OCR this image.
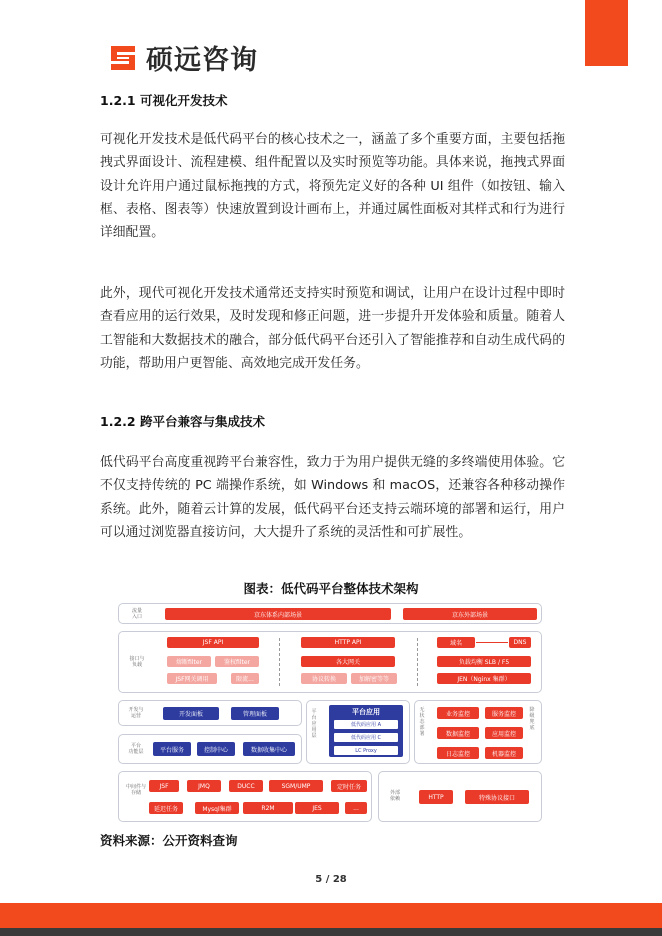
硕远咨询
1.2.1 可视化开发技术

可视化开发技术是低代码平台的核心技术之一，涵盖了多个重要方面，主要包括拖拽式界面设计、流程建模、组件配置以及实时预览等功能。具体来说，拖拽式界面设计允许用户通过鼠标拖拽的方式，将预先定义好的各种 UI 组件（如按钮、输入框、表格、图表等）快速放置到设计画布上，并通过属性面板对其样式和行为进行详细配置。

此外，现代可视化开发技术通常还支持实时预览和调试，让用户在设计过程中即时查看应用的运行效果，及时发现和修正问题，进一步提升开发体验和质量。随着人工智能和大数据技术的融合，部分低代码平台还引入了智能推荐和自动生成代码的功能，帮助用户更智能、高效地完成开发任务。

1.2.2 跨平台兼容与集成技术

低代码平台高度重视跨平台兼容性，致力于为用户提供无缝的多终端使用体验。它不仅支持传统的 PC 端操作系统，如 Windows 和 macOS，还兼容各种移动操作系统。此外，随着云计算的发展，低代码平台还支持云端环境的部署和运行，用户可以通过浏览器直接访问，大大提升了系统的灵活性和可扩展性。

图表：低代码平台整体技术架构
流量
入口	京东体系内部场景	京东外部场景
接口与
负载
JSF API
熔断filter	鉴权filter
JSF网关调用	限流...
HTTP API
各大网关
协议转换	加解密等等
域名	DNS
负载均衡 SLB / F5
JEN（Nginx 集群）
开发与
运营	开发面板	管理面板
平台
功能层	平台服务	控制中心	数据收集中心
平台应用层
平台应用
低代码应用 A
低代码应用 C
LC Proxy
无状态部署
业务监控	服务监控
数据监控	应用监控
日志监控	机器监控
降级兜底
中间件与
存储
JSF	JMQ	DUCC	SGM/UMP	定时任务
延迟任务	Mysql集群	R2M	JES	...
外部
依赖	HTTP	特殊协议接口
资料来源：公开资料查询
5 / 28
